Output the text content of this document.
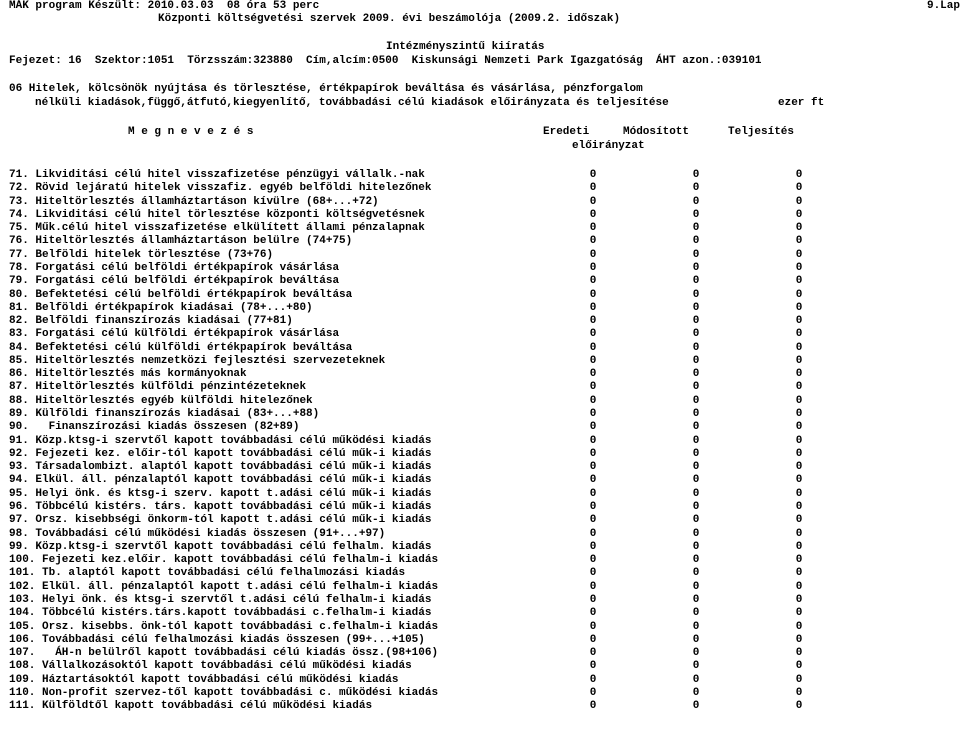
MÁK program Készült: 2010.03.03  08 óra 53 perc	9.Lap
Központi költségvetési szervek 2009. évi beszámolója (2009.2. időszak)
Intézményszintű kiíratás
Fejezet: 16  Szektor:1051  Törzsszám:323880  Cím,alcím:0500  Kiskunsági Nemzeti Park Igazgatóság  ÁHT azon.:039101
06 Hitelek, kölcsönök nyújtása és törlesztése, értékpapírok beváltása és vásárlása, pénzforgalom
nélküli kiadások,függő,átfutó,kiegyenlítő, továbbadási célú kiadások előirányzata és teljesítése	ezer ft
M e g n e v e z é s	Eredeti
előirányzat
Módosított	Teljesítés
71. Likviditási célú hitel visszafizetése pénzügyi vállalk.-nak	0	0	0
72. Rövid lejáratú hitelek visszafiz. egyéb belföldi hitelezőnek	0	0	0
73. Hiteltörlesztés államháztartáson kívülre (68+...+72)	0	0	0
74. Likviditási célú hitel törlesztése központi költségvetésnek	0	0	0
75. Műk.célú hitel visszafizetése elkülített állami pénzalapnak	0	0	0
76. Hiteltörlesztés államháztartáson belülre (74+75)	0	0	0
77. Belföldi hitelek törlesztése (73+76)	0	0	0
78. Forgatási célú belföldi értékpapírok vásárlása	0	0	0
79. Forgatási célú belföldi értékpapírok beváltása	0	0	0
80. Befektetési célú belföldi értékpapírok beváltása	0	0	0
81. Belföldi értékpapírok kiadásai (78+...+80)	0	0	0
82. Belföldi finanszírozás kiadásai (77+81)	0	0	0
83. Forgatási célú külföldi értékpapírok vásárlása	0	0	0
84. Befektetési célú külföldi értékpapírok beváltása	0	0	0
85. Hiteltörlesztés nemzetközi fejlesztési szervezeteknek	0	0	0
86. Hiteltörlesztés más kormányoknak	0	0	0
87. Hiteltörlesztés külföldi pénzintézeteknek	0	0	0
88. Hiteltörlesztés egyéb külföldi hitelezőnek	0	0	0
89. Külföldi finanszírozás kiadásai (83+...+88)	0	0	0
90.   Finanszírozási kiadás összesen (82+89)	0	0	0
91. Közp.ktsg-i szervtől kapott továbbadási célú működési kiadás	0	0	0
92. Fejezeti kez. előir-tól kapott továbbadási célú műk-i kiadás	0	0	0
93. Társadalombizt. alaptól kapott továbbadási célú műk-i kiadás	0	0	0
94. Elkül. áll. pénzalaptól kapott továbbadási célú műk-i kiadás	0	0	0
95. Helyi önk. és ktsg-i szerv. kapott t.adási célú műk-i kiadás	0	0	0
96. Többcélú kistérs. társ. kapott továbbadási célú műk-i kiadás	0	0	0
97. Orsz. kisebbségi önkorm-tól kapott t.adási célú műk-i kiadás	0	0	0
98. Továbbadási célú működési kiadás összesen (91+...+97)	0	0	0
99. Közp.ktsg-i szervtől kapott továbbadási célú felhalm. kiadás	0	0	0
100. Fejezeti kez.előir. kapott továbbadási célú felhalm-i kiadás	0	0	0
101. Tb. alaptól kapott továbbadási célú felhalmozási kiadás	0	0	0
102. Elkül. áll. pénzalaptól kapott t.adási célú felhalm-i kiadás	0	0	0
103. Helyi önk. és ktsg-i szervtől t.adási célú felhalm-i kiadás	0	0	0
104. Többcélú kistérs.társ.kapott továbbadási c.felhalm-i kiadás	0	0	0
105. Orsz. kisebbs. önk-tól kapott továbbadási c.felhalm-i kiadás	0	0	0
106. Továbbadási célú felhalmozási kiadás összesen (99+...+105)	0	0	0
107.   ÁH-n belülről kapott továbbadási célú kiadás össz.(98+106)	0	0	0
108. Vállalkozásoktól kapott továbbadási célú működési kiadás	0	0	0
109. Háztartásoktól kapott továbbadási célú működési kiadás	0	0	0
110. Non-profit szervez-től kapott továbbadási c. működési kiadás	0	0	0
111. Külföldtől kapott továbbadási célú működési kiadás	0	0	0
